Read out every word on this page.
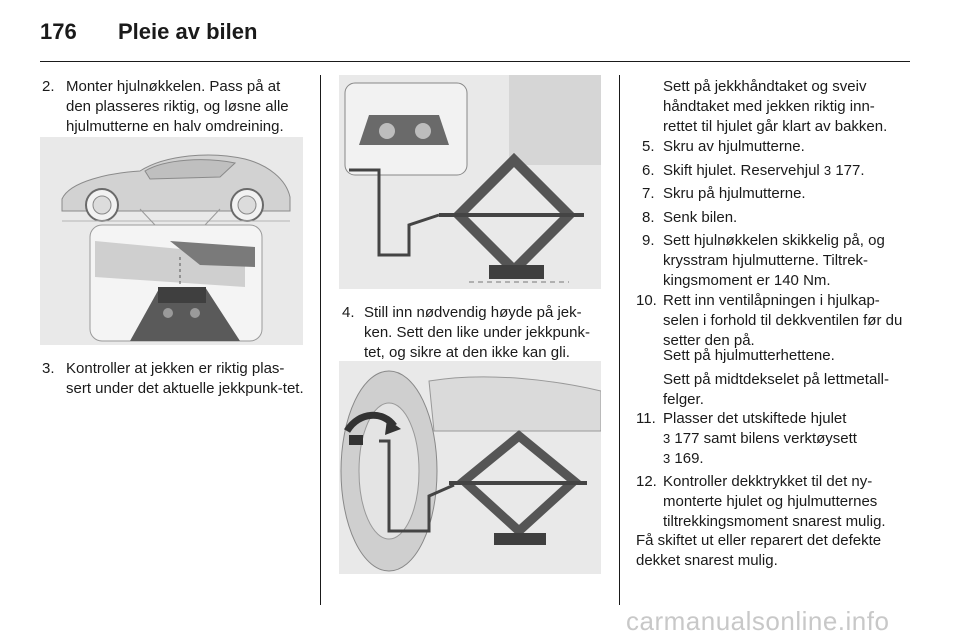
176 Pleie av bilen
2. Monter hjulnøkkelen. Pass på at den plasseres riktig, og løsne alle hjulmutterne en halv omdreining.
3. Kontroller at jekken er riktig plas-sert under det aktuelle jekkpunk-tet.
4. Still inn nødvendig høyde på jek-ken. Sett den like under jekkpunk-tet, og sikre at den ikke kan gli.
Sett på jekkhåndtaket og sveiv håndtaket med jekken riktig inn-rettet til hjulet går klart av bakken.
5. Skru av hjulmutterne.
6. Skift hjulet. Reservehjul 3 177.
7. Skru på hjulmutterne.
8. Senk bilen.
9. Sett hjulnøkkelen skikkelig på, og krysstram hjulmutterne. Tiltrek-kingsmoment er 140 Nm.
10. Rett inn ventilåpningen i hjulkap-selen i forhold til dekkventilen før du setter den på.
Sett på hjulmutterhettene.
Sett på midtdekselet på lettmetall-felger.
11. Plasser det utskiftede hjulet
3 177 samt bilens verktøysett
3 169.
12. Kontroller dekktrykket til det ny-monterte hjulet og hjulmutternes tiltrekkingsmoment snarest mulig.
Få skiftet ut eller reparert det defekte dekket snarest mulig.
carmanualsonline.info
